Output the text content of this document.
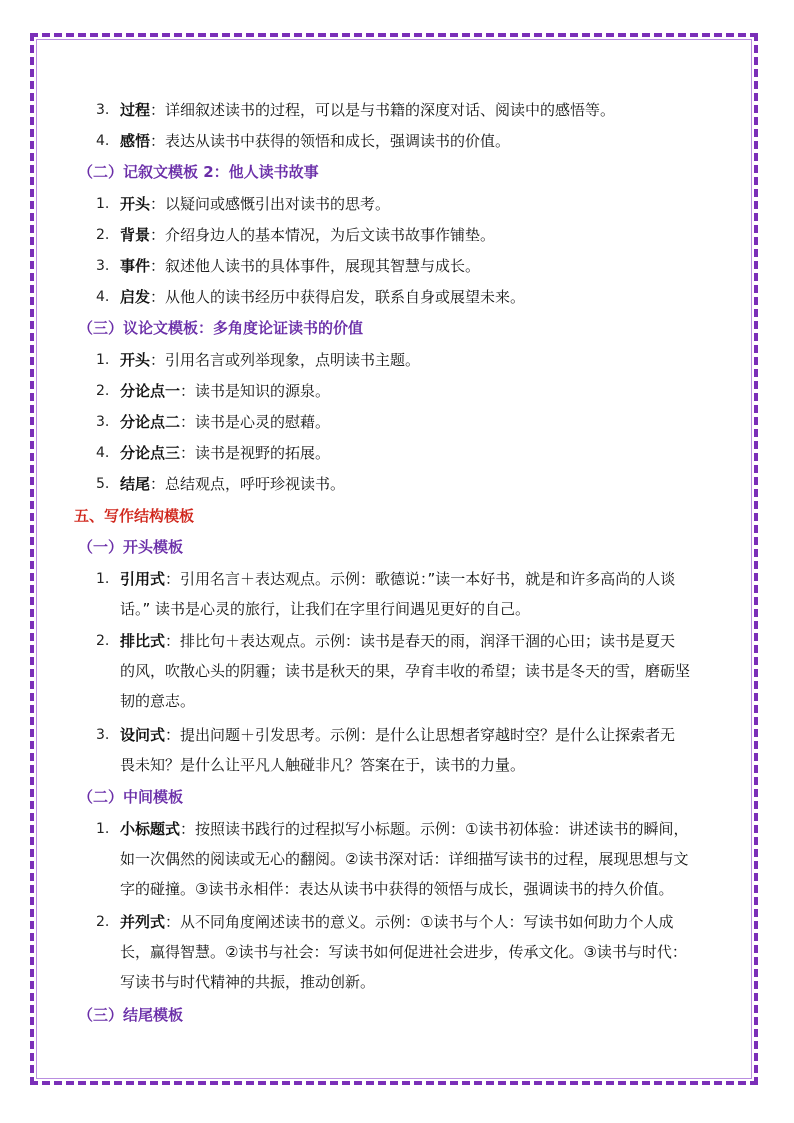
3. 过程：详细叙述读书的过程，可以是与书籍的深度对话、阅读中的感悟等。
4. 感悟：表达从读书中获得的领悟和成长，强调读书的价值。
（二）记叙文模板 2：他人读书故事
1. 开头：以疑问或感慨引出对读书的思考。
2. 背景：介绍身边人的基本情况，为后文读书故事作铺垫。
3. 事件：叙述他人读书的具体事件，展现其智慧与成长。
4. 启发：从他人的读书经历中获得启发，联系自身或展望未来。
（三）议论文模板：多角度论证读书的价值
1. 开头：引用名言或列举现象，点明读书主题。
2. 分论点一：读书是知识的源泉。
3. 分论点二：读书是心灵的慰藉。
4. 分论点三：读书是视野的拓展。
5. 结尾：总结观点，呼吁珍视读书。
五、写作结构模板
（一）开头模板
1. 引用式：引用名言＋表达观点。示例：歌德说：”读一本好书，就是和许多高尚的人谈
话。” 读书是心灵的旅行，让我们在字里行间遇见更好的自己。
2. 排比式：排比句＋表达观点。示例：读书是春天的雨，润泽干涸的心田；读书是夏天
的风，吹散心头的阴霾；读书是秋天的果，孕育丰收的希望；读书是冬天的雪，磨砺坚
韧的意志。
3. 设问式：提出问题＋引发思考。示例：是什么让思想者穿越时空？是什么让探索者无
畏未知？是什么让平凡人触碰非凡？答案在于，读书的力量。
（二）中间模板
1. 小标题式：按照读书践行的过程拟写小标题。示例：①读书初体验：讲述读书的瞬间，
如一次偶然的阅读或无心的翻阅。②读书深对话：详细描写读书的过程，展现思想与文
字的碰撞。③读书永相伴：表达从读书中获得的领悟与成长，强调读书的持久价值。
2. 并列式：从不同角度阐述读书的意义。示例：①读书与个人：写读书如何助力个人成
长，赢得智慧。②读书与社会：写读书如何促进社会进步，传承文化。③读书与时代：
写读书与时代精神的共振，推动创新。
（三）结尾模板
